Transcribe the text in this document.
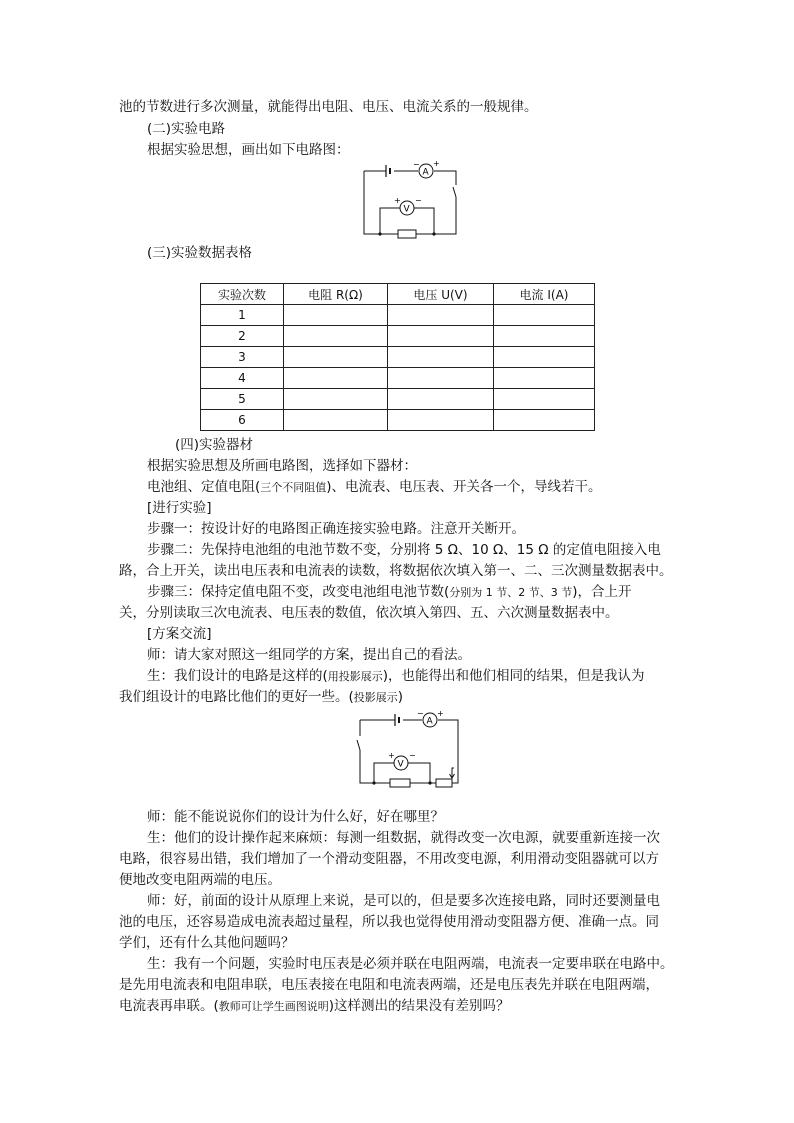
池的节数进行多次测量，就能得出电阻、电压、电流关系的一般规律。
(二)实验电路
根据实验思想，画出如下电路图：
A
− +
V
+ −
(三)实验数据表格
实验次数	电阻 R(Ω)	电压 U(V)	电流 I(A)
1			
2			
3			
4			
5			
6			
(四)实验器材
根据实验思想及所画电路图，选择如下器材：
电池组、定值电阻(三个不同阻值)、电流表、电压表、开关各一个，导线若干。
[进行实验]
步骤一：按设计好的电路图正确连接实验电路。注意开关断开。
步骤二：先保持电池组的电池节数不变，分别将 5 Ω、10 Ω、15 Ω 的定值电阻接入电
路，合上开关，读出电压表和电流表的读数，将数据依次填入第一、二、三次测量数据表中。
步骤三：保持定值电阻不变，改变电池组电池节数(分别为 1 节、2 节、3 节)，合上开
关，分别读取三次电流表、电压表的数值，依次填入第四、五、六次测量数据表中。
[方案交流]
师：请大家对照这一组同学的方案，提出自己的看法。
生：我们设计的电路是这样的(用投影展示)，也能得出和他们相同的结果，但是我认为
我们组设计的电路比他们的更好一些。(投影展示)
A
− +
V
+ −
师：能不能说说你们的设计为什么好，好在哪里？
生：他们的设计操作起来麻烦：每测一组数据，就得改变一次电源，就要重新连接一次
电路，很容易出错，我们增加了一个滑动变阻器，不用改变电源，利用滑动变阻器就可以方
便地改变电阻两端的电压。
师：好，前面的设计从原理上来说，是可以的，但是要多次连接电路，同时还要测量电
池的电压，还容易造成电流表超过量程，所以我也觉得使用滑动变阻器方便、准确一点。同
学们，还有什么其他问题吗？
生：我有一个问题，实验时电压表是必须并联在电阻两端，电流表一定要串联在电路中。
是先用电流表和电阻串联，电压表接在电阻和电流表两端，还是电压表先并联在电阻两端，
电流表再串联。(教师可让学生画图说明)这样测出的结果没有差别吗？
